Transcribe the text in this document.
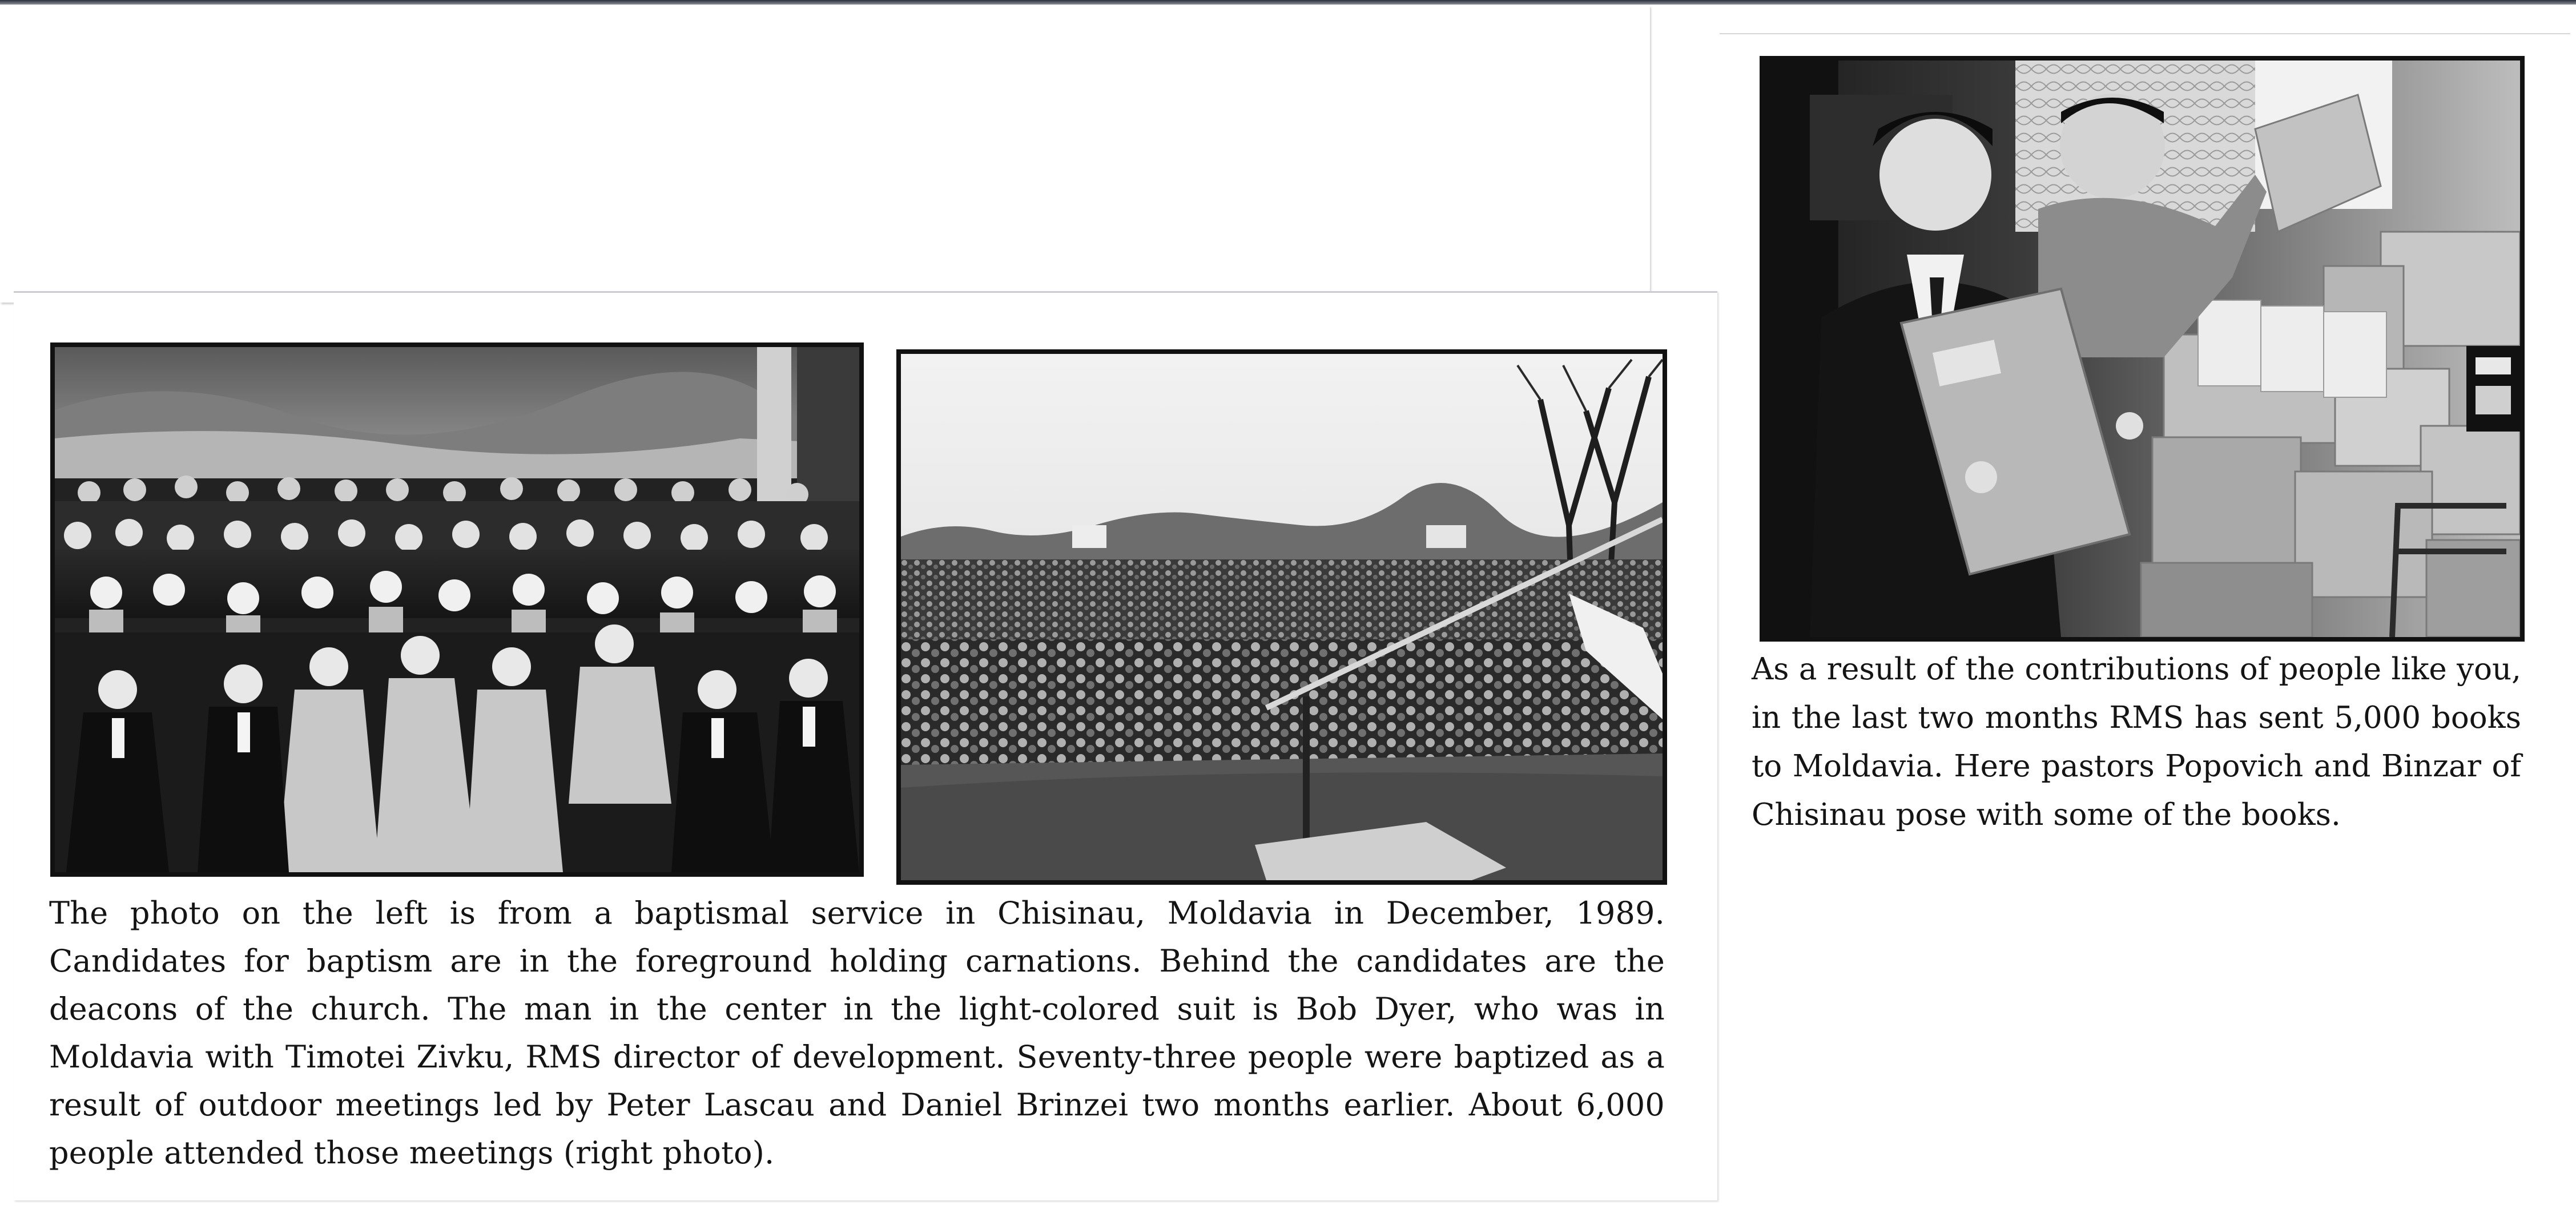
The photo on the left is from a baptismal service in Chisinau, Moldavia in December, 1989. Candidates for baptism are in the foreground holding carnations. Behind the candidates are the deacons of the church. The man in the center in the light-colored suit is Bob Dyer, who was in Moldavia with Timotei Zivku, RMS director of development. Seventy-three people were baptized as a result of outdoor meetings led by Peter Lascau and Daniel Brinzei two months earlier. About 6,000 people attended those meetings (right photo).

As a result of the contributions of people like you, in the last two months RMS has sent 5,000 books to Moldavia. Here pastors Popovich and Binzar of Chisinau pose with some of the books.
